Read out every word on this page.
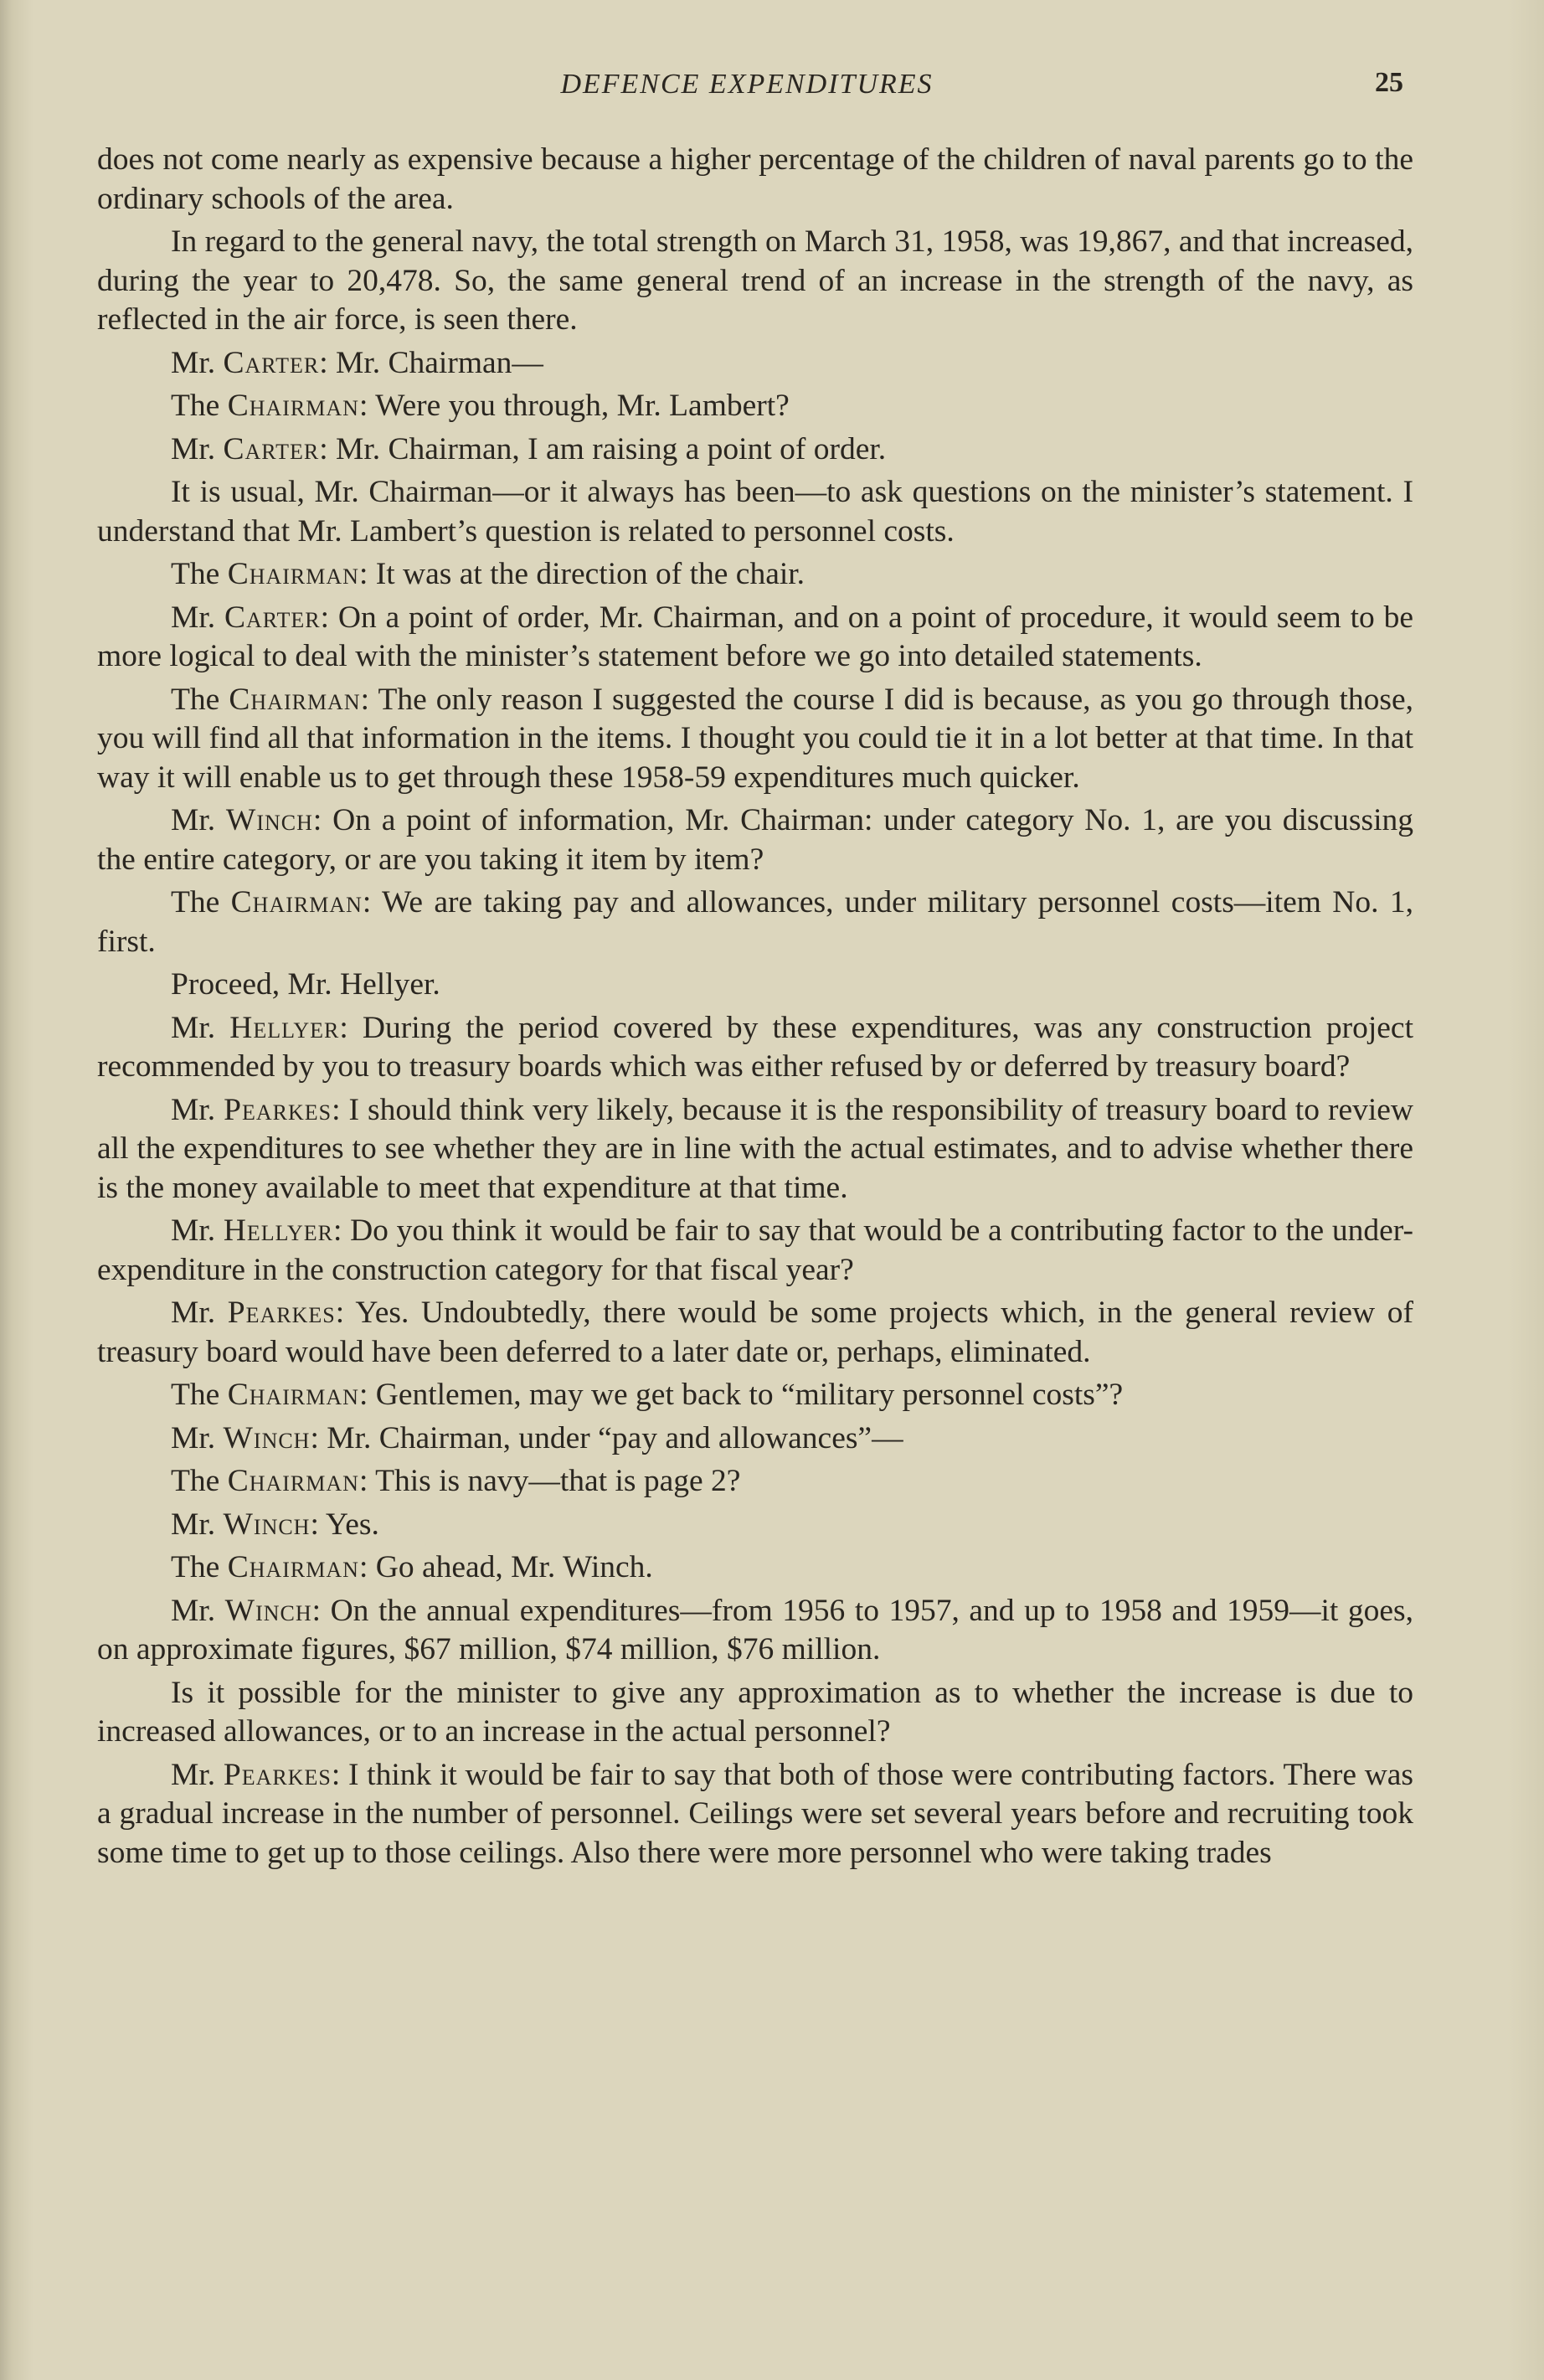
DEFENCE EXPENDITURES	25

does not come nearly as expensive because a higher percentage of the children of naval parents go to the ordinary schools of the area.

In regard to the general navy, the total strength on March 31, 1958, was 19,867, and that increased, during the year to 20,478. So, the same general trend of an increase in the strength of the navy, as reflected in the air force, is seen there.

Mr. Carter: Mr. Chairman—

The Chairman: Were you through, Mr. Lambert?

Mr. Carter: Mr. Chairman, I am raising a point of order.

It is usual, Mr. Chairman—or it always has been—to ask questions on the minister’s statement. I understand that Mr. Lambert’s question is related to personnel costs.

The Chairman: It was at the direction of the chair.

Mr. Carter: On a point of order, Mr. Chairman, and on a point of procedure, it would seem to be more logical to deal with the minister’s statement before we go into detailed statements.

The Chairman: The only reason I suggested the course I did is because, as you go through those, you will find all that information in the items. I thought you could tie it in a lot better at that time. In that way it will enable us to get through these 1958-59 expenditures much quicker.

Mr. Winch: On a point of information, Mr. Chairman: under category No. 1, are you discussing the entire category, or are you taking it item by item?

The Chairman: We are taking pay and allowances, under military personnel costs—item No. 1, first.

Proceed, Mr. Hellyer.

Mr. Hellyer: During the period covered by these expenditures, was any construction project recommended by you to treasury boards which was either refused by or deferred by treasury board?

Mr. Pearkes: I should think very likely, because it is the responsibility of treasury board to review all the expenditures to see whether they are in line with the actual estimates, and to advise whether there is the money available to meet that expenditure at that time.

Mr. Hellyer: Do you think it would be fair to say that would be a contributing factor to the under-expenditure in the construction category for that fiscal year?

Mr. Pearkes: Yes. Undoubtedly, there would be some projects which, in the general review of treasury board would have been deferred to a later date or, perhaps, eliminated.

The Chairman: Gentlemen, may we get back to “military personnel costs”?

Mr. Winch: Mr. Chairman, under “pay and allowances”—

The Chairman: This is navy—that is page 2?

Mr. Winch: Yes.

The Chairman: Go ahead, Mr. Winch.

Mr. Winch: On the annual expenditures—from 1956 to 1957, and up to 1958 and 1959—it goes, on approximate figures, $67 million, $74 million, $76 million.

Is it possible for the minister to give any approximation as to whether the increase is due to increased allowances, or to an increase in the actual personnel?

Mr. Pearkes: I think it would be fair to say that both of those were contributing factors. There was a gradual increase in the number of personnel. Ceilings were set several years before and recruiting took some time to get up to those ceilings. Also there were more personnel who were taking trades
